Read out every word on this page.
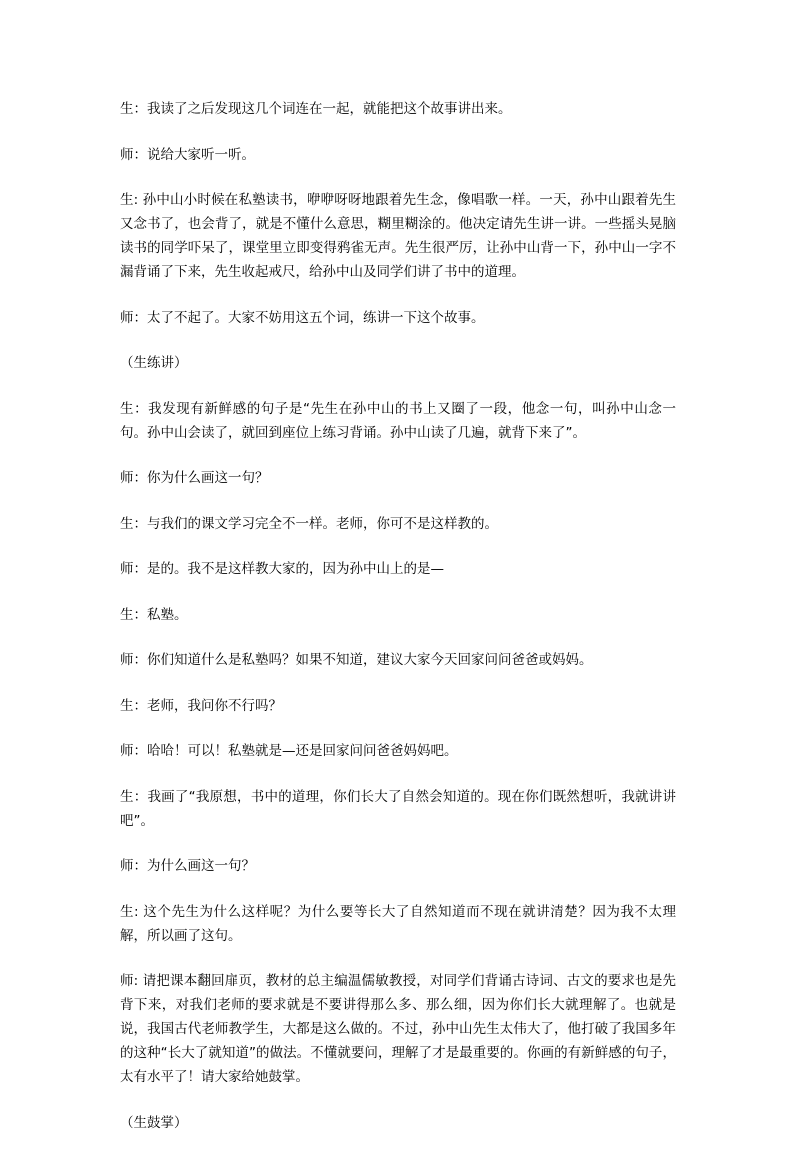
生：我读了之后发现这几个词连在一起，就能把这个故事讲出来。

师：说给大家听一听。

生: 孙中山小时候在私塾读书，咿咿呀呀地跟着先生念，像唱歌一样。一天，孙中山跟着先生又念书了，也会背了，就是不懂什么意思，糊里糊涂的。他决定请先生讲一讲。一些摇头晃脑读书的同学吓呆了，课堂里立即变得鸦雀无声。先生很严厉，让孙中山背一下，孙中山一字不漏背诵了下来，先生收起戒尺，给孙中山及同学们讲了书中的道理。

师：太了不起了。大家不妨用这五个词，练讲一下这个故事。

（生练讲）

生：我发现有新鲜感的句子是“先生在孙中山的书上又圈了一段，他念一句，叫孙中山念一句。孙中山会读了，就回到座位上练习背诵。孙中山读了几遍，就背下来了”。

师：你为什么画这一句？

生：与我们的课文学习完全不一样。老师，你可不是这样教的。

师：是的。我不是这样教大家的，因为孙中山上的是—

生：私塾。

师：你们知道什么是私塾吗？如果不知道，建议大家今天回家问问爸爸或妈妈。

生：老师，我问你不行吗？

师：哈哈！可以！私塾就是—还是回家问问爸爸妈妈吧。

生：我画了“我原想，书中的道理，你们长大了自然会知道的。现在你们既然想听，我就讲讲吧”。

师：为什么画这一句？

生: 这个先生为什么这样呢？为什么要等长大了自然知道而不现在就讲清楚？因为我不太理解，所以画了这句。

师: 请把课本翻回扉页，教材的总主编温儒敏教授，对同学们背诵古诗词、古文的要求也是先背下来，对我们老师的要求就是不要讲得那么多、那么细，因为你们长大就理解了。也就是说，我国古代老师教学生，大都是这么做的。不过，孙中山先生太伟大了，他打破了我国多年的这种“长大了就知道”的做法。不懂就要问，理解了才是最重要的。你画的有新鲜感的句子，太有水平了！请大家给她鼓掌。

（生鼓掌）
